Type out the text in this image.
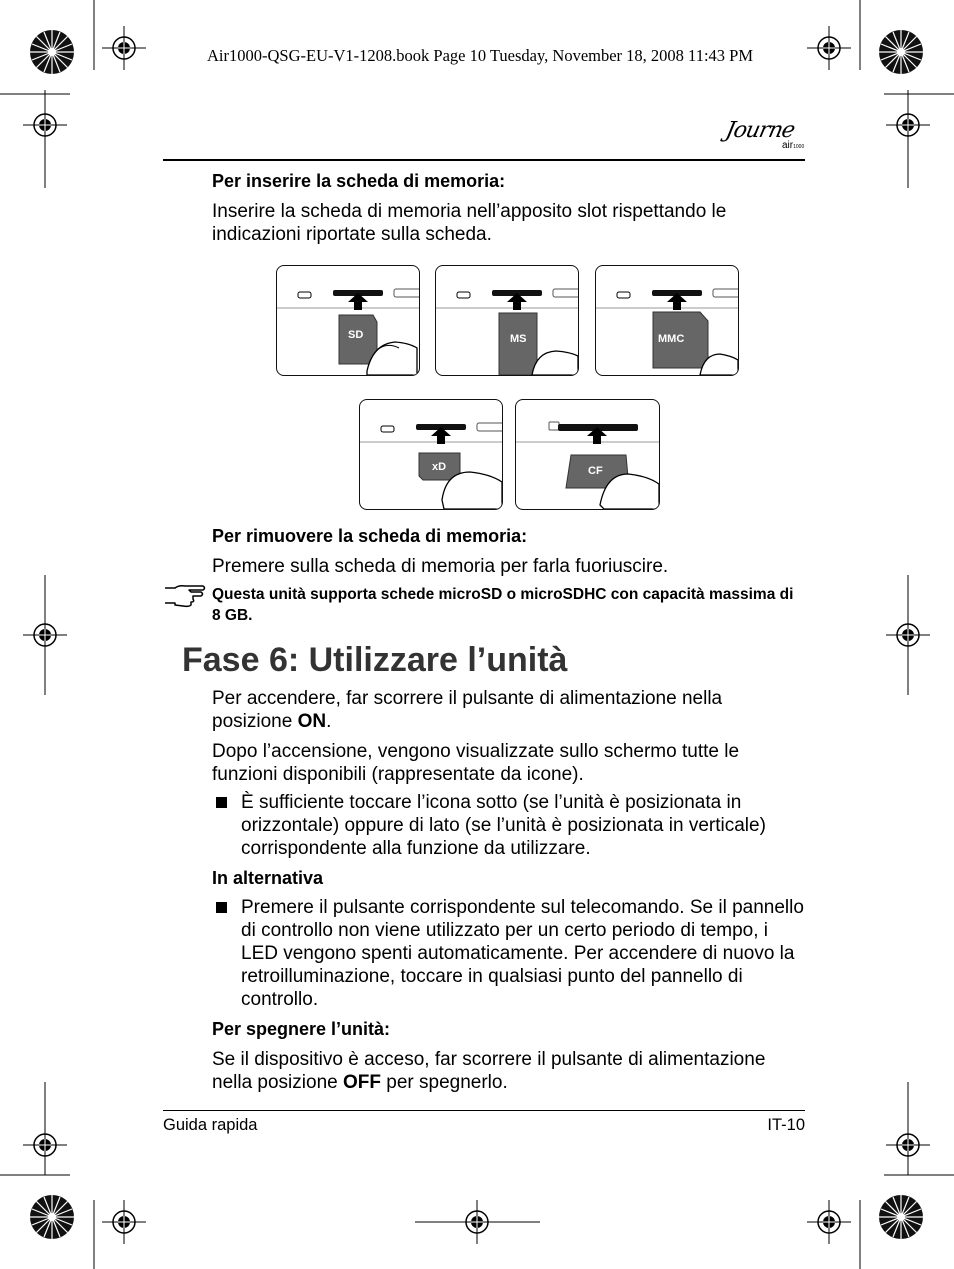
Air1000-QSG-EU-V1-1208.book Page 10 Tuesday, November 18, 2008 11:43 PM
Journe
air1000
Per inserire la scheda di memoria:
Inserire la scheda di memoria nell’apposito slot rispettando le indicazioni riportate sulla scheda.
SD	MS	MMC
xD	CF
Per rimuovere la scheda di memoria:
Premere sulla scheda di memoria per farla fuoriuscire.
Questa unità supporta schede microSD o microSDHC con capacità massima di 8 GB.
Fase 6: Utilizzare l’unità
Per accendere, far scorrere il pulsante di alimentazione nella posizione ON.
Dopo l’accensione, vengono visualizzate sullo schermo tutte le funzioni disponibili (rappresentate da icone).
È sufficiente toccare l’icona sotto (se l’unità è posizionata in orizzontale) oppure di lato (se l’unità è posizionata in verticale) corrispondente alla funzione da utilizzare.
In alternativa
Premere il pulsante corrispondente sul telecomando. Se il pannello di controllo non viene utilizzato per un certo periodo di tempo, i LED vengono spenti automaticamente. Per accendere di nuovo la retroilluminazione, toccare in qualsiasi punto del pannello di controllo.
Per spegnere l’unità:
Se il dispositivo è acceso, far scorrere il pulsante di alimentazione nella posizione OFF per spegnerlo.
Guida rapida	IT-10
